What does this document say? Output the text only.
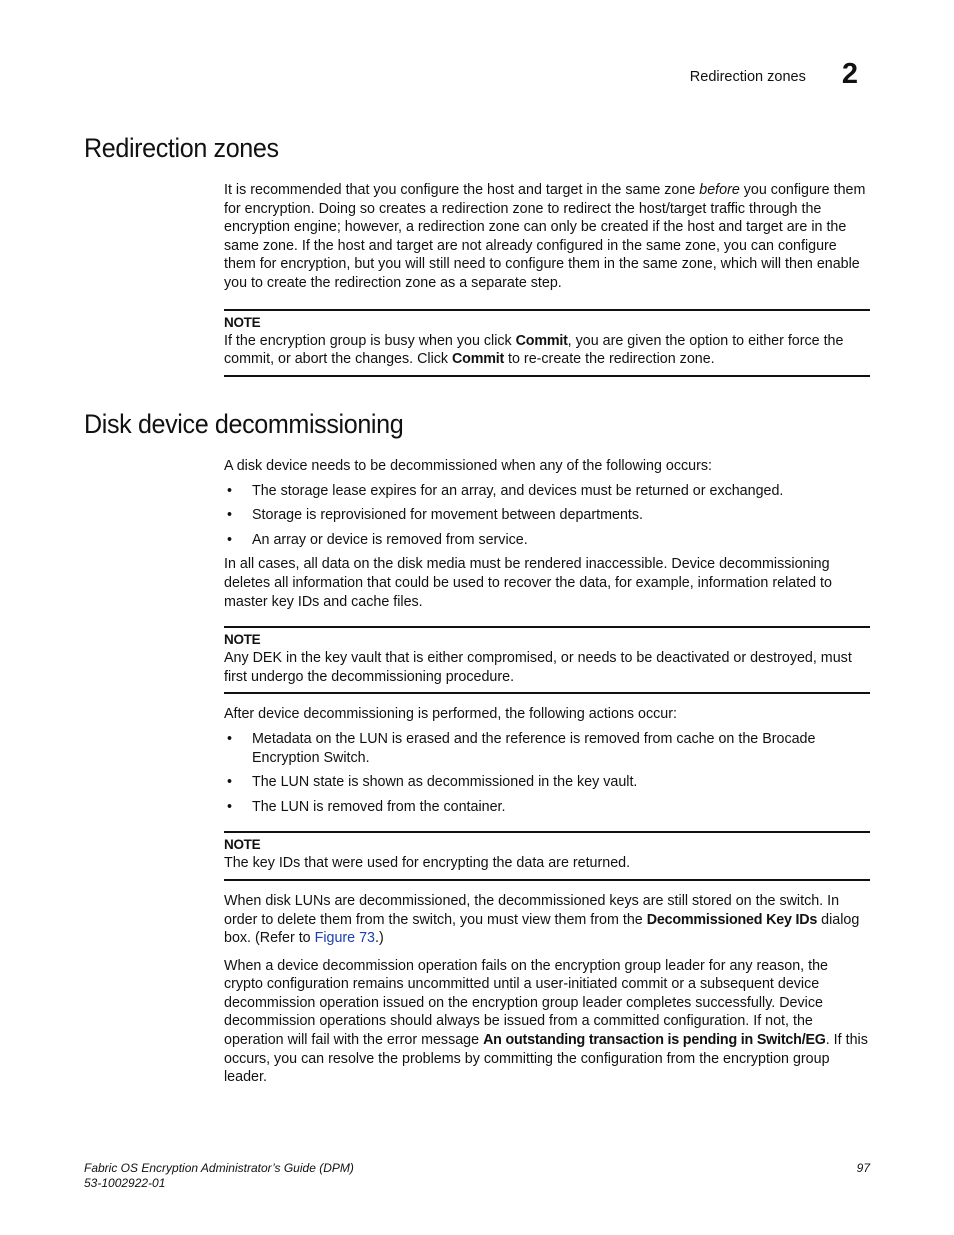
Redirection zones 2
Redirection zones

It is recommended that you configure the host and target in the same zone before you configure them for encryption. Doing so creates a redirection zone to redirect the host/target traffic through the encryption engine; however, a redirection zone can only be created if the host and target are in the same zone. If the host and target are not already configured in the same zone, you can configure them for encryption, but you will still need to configure them in the same zone, which will then enable you to create the redirection zone as a separate step.

NOTE

If the encryption group is busy when you click Commit, you are given the option to either force the commit, or abort the changes. Click Commit to re-create the redirection zone.

Disk device decommissioning

A disk device needs to be decommissioned when any of the following occurs:

• The storage lease expires for an array, and devices must be returned or exchanged.
• Storage is reprovisioned for movement between departments.
• An array or device is removed from service.

In all cases, all data on the disk media must be rendered inaccessible. Device decommissioning deletes all information that could be used to recover the data, for example, information related to master key IDs and cache files.

NOTE

Any DEK in the key vault that is either compromised, or needs to be deactivated or destroyed, must first undergo the decommissioning procedure.

After device decommissioning is performed, the following actions occur:

• Metadata on the LUN is erased and the reference is removed from cache on the Brocade Encryption Switch.
• The LUN state is shown as decommissioned in the key vault.
• The LUN is removed from the container.
NOTE

The key IDs that were used for encrypting the data are returned.

When disk LUNs are decommissioned, the decommissioned keys are still stored on the switch. In order to delete them from the switch, you must view them from the Decommissioned Key IDs dialog box. (Refer to Figure 73.)

When a device decommission operation fails on the encryption group leader for any reason, the crypto configuration remains uncommitted until a user-initiated commit or a subsequent device decommission operation issued on the encryption group leader completes successfully. Device decommission operations should always be issued from a committed configuration. If not, the operation will fail with the error message An outstanding transaction is pending in Switch/EG. If this occurs, you can resolve the problems by committing the configuration from the encryption group leader.

Fabric OS Encryption Administrator’s Guide (DPM)
53-1002922-01
97
